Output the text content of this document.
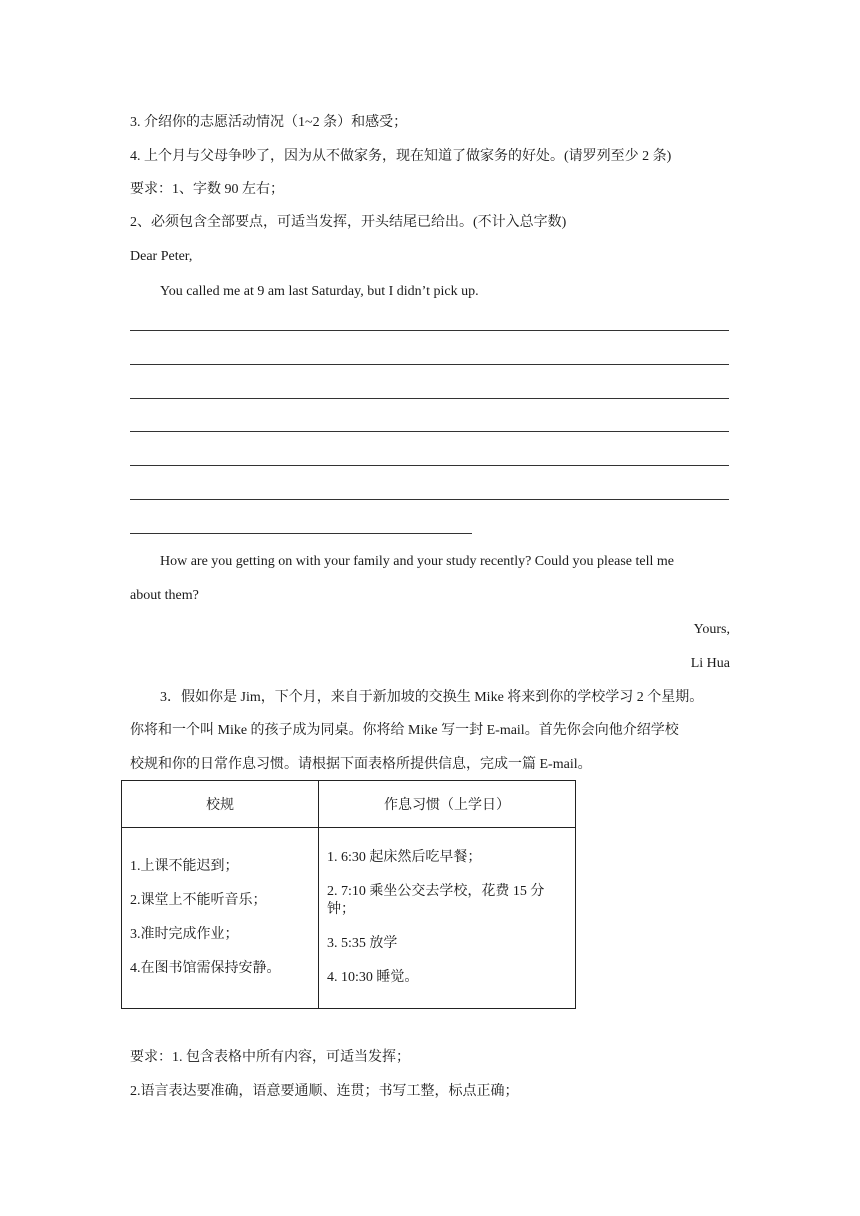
3. 介绍你的志愿活动情况（1~2 条）和感受；
4. 上个月与父母争吵了，因为从不做家务，现在知道了做家务的好处。(请罗列至少 2 条)
要求：1、字数 90 左右；
2、必须包含全部要点，可适当发挥，开头结尾已给出。(不计入总字数)
Dear Peter,
You called me at 9 am last Saturday, but I didn’t pick up.
How are you getting on with your family and your study recently? Could you please tell me
about them?
Yours,
Li Hua
3．假如你是 Jim，下个月，来自于新加坡的交换生 Mike 将来到你的学校学习 2 个星期。
你将和一个叫 Mike 的孩子成为同桌。你将给 Mike 写一封 E-mail。首先你会向他介绍学校
校规和你的日常作息习惯。请根据下面表格所提供信息，完成一篇 E-mail。
校规	作息习惯（上学日）

1.上课不能迟到；
2.课堂上不能听音乐；
3.准时完成作业；
4.在图书馆需保持安静。	1. 6:30 起床然后吃早餐；
2. 7:10 乘坐公交去学校，花费 15 分钟；
3. 5:35 放学
4. 10:30 睡觉。
要求：1. 包含表格中所有内容，可适当发挥；
2.语言表达要准确，语意要通顺、连贯；书写工整，标点正确；
